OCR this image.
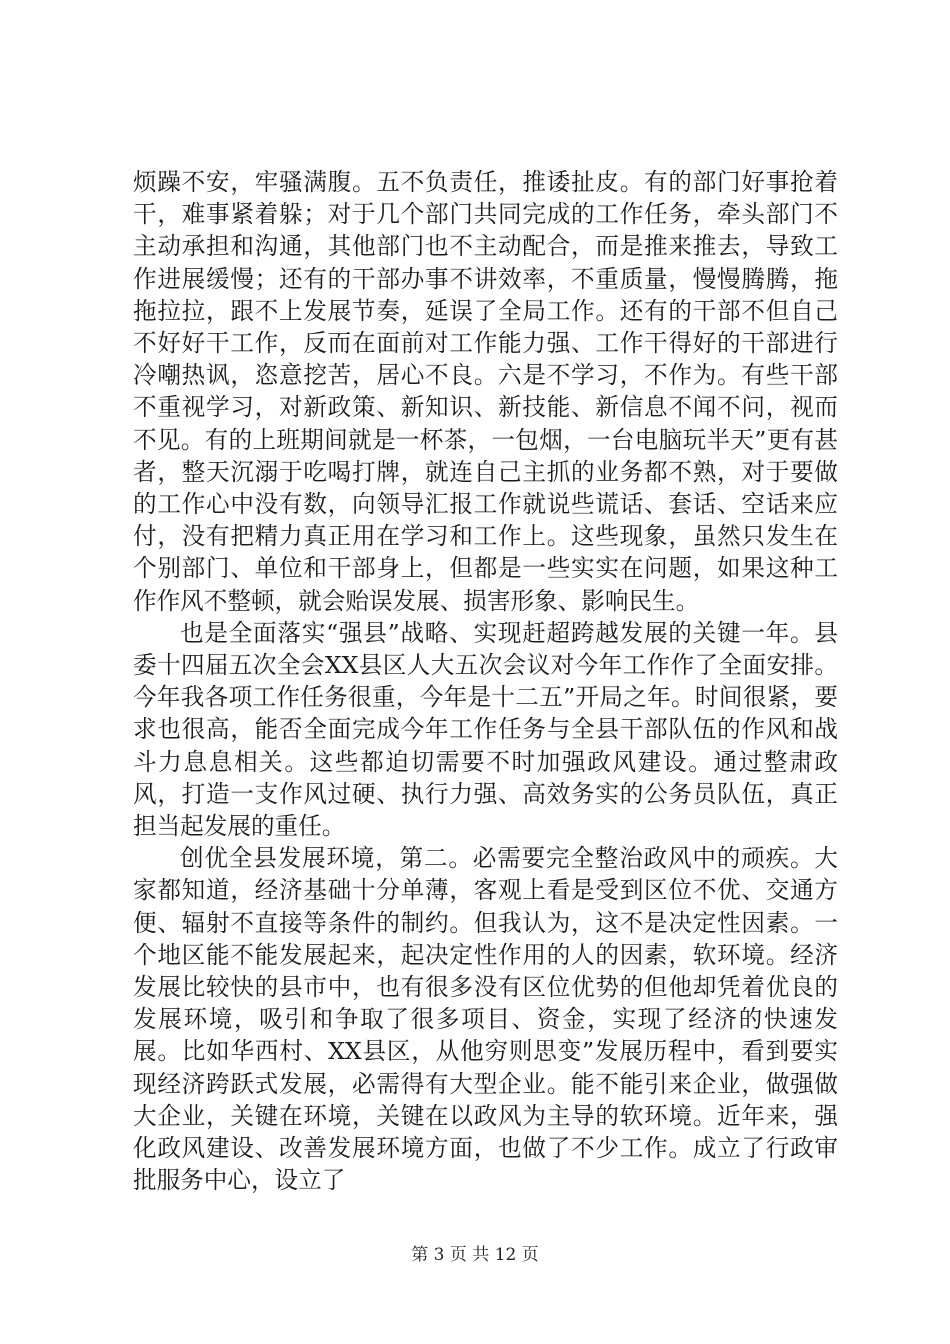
烦躁不安，牢骚满腹。五不负责任，推诿扯皮。有的部门好事抢着干，难事紧着躲；对于几个部门共同完成的工作任务，牵头部门不主动承担和沟通，其他部门也不主动配合，而是推来推去，导致工作进展缓慢；还有的干部办事不讲效率，不重质量，慢慢腾腾，拖拖拉拉，跟不上发展节奏，延误了全局工作。还有的干部不但自己不好好干工作，反而在面前对工作能力强、工作干得好的干部进行冷嘲热讽，恣意挖苦，居心不良。六是不学习，不作为。有些干部不重视学习，对新政策、新知识、新技能、新信息不闻不问，视而不见。有的上班期间就是一杯茶，一包烟，一台电脑玩半天”更有甚者，整天沉溺于吃喝打牌，就连自己主抓的业务都不熟，对于要做的工作心中没有数，向领导汇报工作就说些谎话、套话、空话来应付，没有把精力真正用在学习和工作上。这些现象，虽然只发生在个别部门、单位和干部身上，但都是一些实实在问题，如果这种工作作风不整顿，就会贻误发展、损害形象、影响民生。

也是全面落实“强县”战略、实现赶超跨越发展的关键一年。县委十四届五次全会XX县区人大五次会议对今年工作作了全面安排。今年我各项工作任务很重，今年是十二五”开局之年。时间很紧，要求也很高，能否全面完成今年工作任务与全县干部队伍的作风和战斗力息息相关。这些都迫切需要不时加强政风建设。通过整肃政风，打造一支作风过硬、执行力强、高效务实的公务员队伍，真正担当起发展的重任。

创优全县发展环境，第二。必需要完全整治政风中的顽疾。大家都知道，经济基础十分单薄，客观上看是受到区位不优、交通方便、辐射不直接等条件的制约。但我认为，这不是决定性因素。一个地区能不能发展起来，起决定性作用的人的因素，软环境。经济发展比较快的县市中，也有很多没有区位优势的但他却凭着优良的发展环境，吸引和争取了很多项目、资金，实现了经济的快速发展。比如华西村、XX县区，从他穷则思变”发展历程中，看到要实现经济跨跃式发展，必需得有大型企业。能不能引来企业，做强做大企业，关键在环境，关键在以政风为主导的软环境。近年来，强化政风建设、改善发展环境方面，也做了不少工作。成立了行政审批服务中心，设立了

第 3 页 共 12 页
